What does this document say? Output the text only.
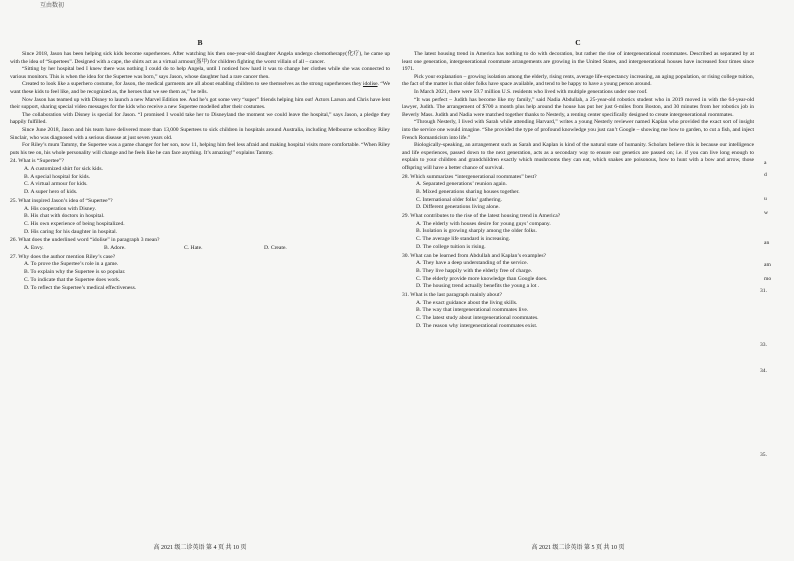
互由数初
B

Since 2018, Jason has been helping sick kids become superheroes. After watching his then one-year-old daughter Angela undergo chemotherapy(化疗), he came up with the idea of “Supertees”. Designed with a cape, the shirts act as a virtual armour(盔甲) for children fighting the worst villain of all – cancer.

“Sitting by her hospital bed I knew there was nothing I could do to help Angela, until I noticed how hard it was to change her clothes while she was connected to various monitors. This is when the idea for the Supertee was born,” says Jason, whose daughter had a rare cancer then.

Created to look like a superhero costume, for Jason, the medical garments are all about enabling children to see themselves as the strong superheroes they idolise. “We want these kids to feel like, and be recognized as, the heroes that we see them as,” he tells.

Now Jason has teamed up with Disney to launch a new Marvel Edition tee. And he’s got some very “super” friends helping him out! Actors Larson and Chris have lent their support, sharing special video messages for the kids who receive a new Supertee modelled after their costumes.

The collaboration with Disney is special for Jason. “I promised I would take her to Disneyland the moment we could leave the hospital,” says Jason, a pledge they happily fulfilled.

Since June 2018, Jason and his team have delivered more than 13,000 Supertees to sick children in hospitals around Australia, including Melbourne schoolboy Riley Sinclair, who was diagnosed with a serious disease at just seven years old.

For Riley’s mum Tammy, the Supertee was a game changer for her son, now 11, helping him feel less afraid and making hospital visits more comfortable. “When Riley puts his tee on, his whole personality will change and he feels like he can face anything. It’s amazing!” explains Tammy.

24. What is “Supertee”?

A. A customized shirt for sick kids.

B. A special hospital for kids.

C. A virtual armour for kids.

D. A super hero of kids.

25. What inspired Jason’s idea of “Supertee”?

A. His cooperation with Disney.

B. His chat with doctors in hospital.

C. His own experience of being hospitalized.

D. His caring for his daughter in hospital.

26. What does the underlined word “idolise” in paragraph 3 mean?

A. Envy.	B. Adore.	C. Hate.	D. Create.

27. Why does the author mention Riley’s case?

A. To prove the Supertee’s role in a game.

B. To explain why the Supertee is so popular.

C. To indicate that the Supertee does work.

D. To reflect the Supertee’s medical effectiveness.

高 2021 级二诊英语 第 4 页 共 10 页
C

The latest housing trend in America has nothing to do with decoration, but rather the rise of intergenerational roommates. Described as separated by at least one generation, intergenerational roommate arrangements are growing in the United States, and intergenerational houses have increased four times since 1971.

Pick your explanation – growing isolation among the elderly, rising rents, average life-expectancy increasing, an aging population, or rising college tuition, the fact of the matter is that older folks have space available, and tend to be happy to have a young person around.

In March 2021, there were 59.7 million U.S. residents who lived with multiple generations under one roof.

“It was perfect – Judith has become like my family,” said Nadia Abdullah, a 25-year-old robotics student who in 2019 moved in with the 64-year-old lawyer, Judith. The arrangement of $700 a month plus help around the house has put her just 6-miles from Boston, and 30 minutes from her robotics job in Beverly Mass. Judith and Nadia were matched together thanks to Nesterly, a renting center specifically designed to create intergenerational roommates.

“Through Nesterly, I lived with Sarah while attending Harvard,” writes a young Nesterly reviewer named Kaplan who provided the exact sort of insight into the service one would imagine. “She provided the type of profound knowledge you just can’t Google – showing me how to garden, to cut a fish, and inject French Romanticism into life.”

Biologically-speaking, an arrangement such as Sarah and Kaplan is kind of the natural state of humanity. Scholars believe this is because our intelligence and life experiences, passed down to the next generation, acts as a secondary way to ensure our genetics are passed on; i.e. if you can live long enough to explain to your children and grandchildren exactly which mushrooms they can eat, which snakes are poisonous, how to hunt with a bow and arrow, those offspring will have a better chance of survival.

28. Which summarizes “intergenerational roommates” best?

A. Separated generations’ reunion again.

B. Mixed generations sharing houses together.

C. International older folks’ gathering.

D. Different generations living alone.

29. What contributes to the rise of the latest housing trend in America?

A. The elderly with houses desire for young guys’ company.

B. Isolation is growing sharply among the older folks.

C. The average life standard is increasing.

D. The college tuition is rising.

30. What can be learned from Abdullah and Kaplan’s examples?

A. They have a deep understanding of the service.

B. They live happily with the elderly free of charge.

C. The elderly provide more knowledge than Google does.

D. The housing trend actually benefits the young a lot .

31. What is the last paragraph mainly about?

A. The exact guidance about the living skills.

B. The way that intergenerational roommates live.

C. The latest study about intergenerational roommates.

D. The reason why intergenerational roommates exist.

高 2021 级二诊英语 第 5 页 共 10 页
a
d
u
w
an
am
mo
31.
33.
34.
35.
